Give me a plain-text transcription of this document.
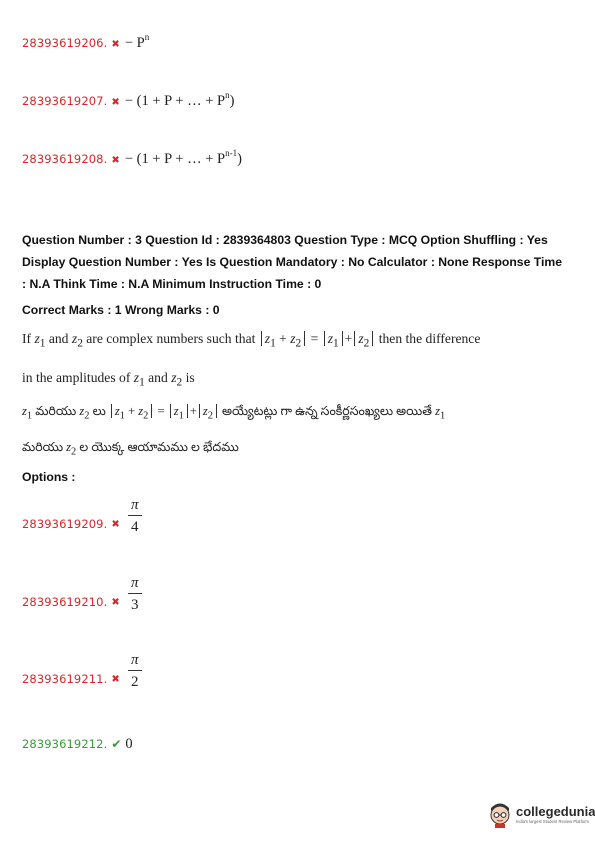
28393619206. ✖ − $P^n$
28393619207. ✖ − (1 + P + … + $P^n$)
28393619208. ✖ − (1 + P + … + $P^{n-1}$)
Question Number : 3 Question Id : 2839364803 Question Type : MCQ Option Shuffling : Yes
Display Question Number : Yes Is Question Mandatory : No Calculator : None Response Time
: N.A Think Time : N.A Minimum Instruction Time : 0
Correct Marks : 1 Wrong Marks : 0
If $z_1$ and $z_2$ are complex numbers such that $z_1 + z_2 = z_1 + z_2$ then the difference
in the amplitudes of $z_1$ and $z_2$ is
$z_1$ మరియు $z_2$ లు $z_1 + z_2 = z_1 + z_2$ అయ్యేటట్లు గా ఉన్న సంకీర్ణసంఖ్యలు అయితే $z_1$
మరియు $z_2$ ల యొక్క ఆయామము ల భేదము
Options :
28393619209. ✖ $\frac{\pi}{4}$
28393619210. ✖ $\frac{\pi}{3}$
28393619211. ✖ $\frac{\pi}{2}$
28393619212. ✔ 0
collegedunia
India's largest Student Review Platform
